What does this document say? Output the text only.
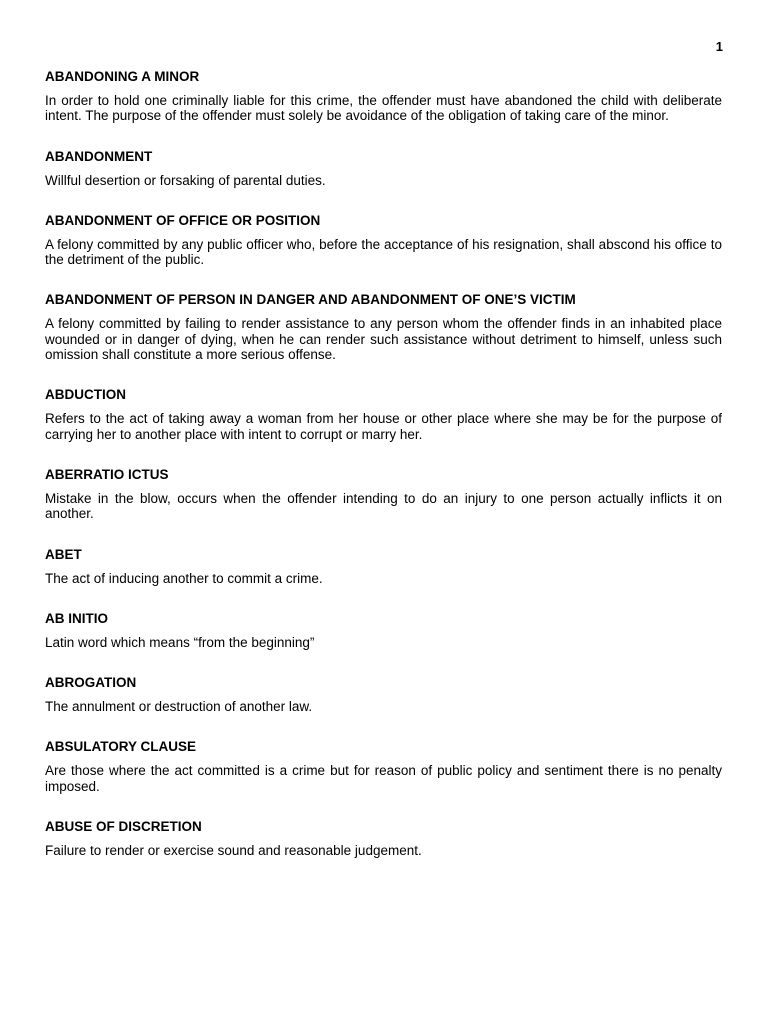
1
ABANDONING A MINOR

In order to hold one criminally liable for this crime, the offender must have abandoned the child with deliberate intent. The purpose of the offender must solely be avoidance of the obligation of taking care of the minor.

ABANDONMENT

Willful desertion or forsaking of parental duties.

ABANDONMENT OF OFFICE OR POSITION

A felony committed by any public officer who, before the acceptance of his resignation, shall abscond his office to the detriment of the public.

ABANDONMENT OF PERSON IN DANGER AND ABANDONMENT OF ONE’S VICTIM

A felony committed by failing to render assistance to any person whom the offender finds in an inhabited place wounded or in danger of dying, when he can render such assistance without detriment to himself, unless such omission shall constitute a more serious offense.

ABDUCTION

Refers to the act of taking away a woman from her house or other place where she may be for the purpose of carrying her to another place with intent to corrupt or marry her.

ABERRATIO ICTUS

Mistake in the blow, occurs when the offender intending to do an injury to one person actually inflicts it on another.

ABET

The act of inducing another to commit a crime.

AB INITIO

Latin word which means “from the beginning”

ABROGATION

The annulment or destruction of another law.

ABSULATORY CLAUSE

Are those where the act committed is a crime but for reason of public policy and sentiment there is no penalty imposed.

ABUSE OF DISCRETION

Failure to render or exercise sound and reasonable judgement.
